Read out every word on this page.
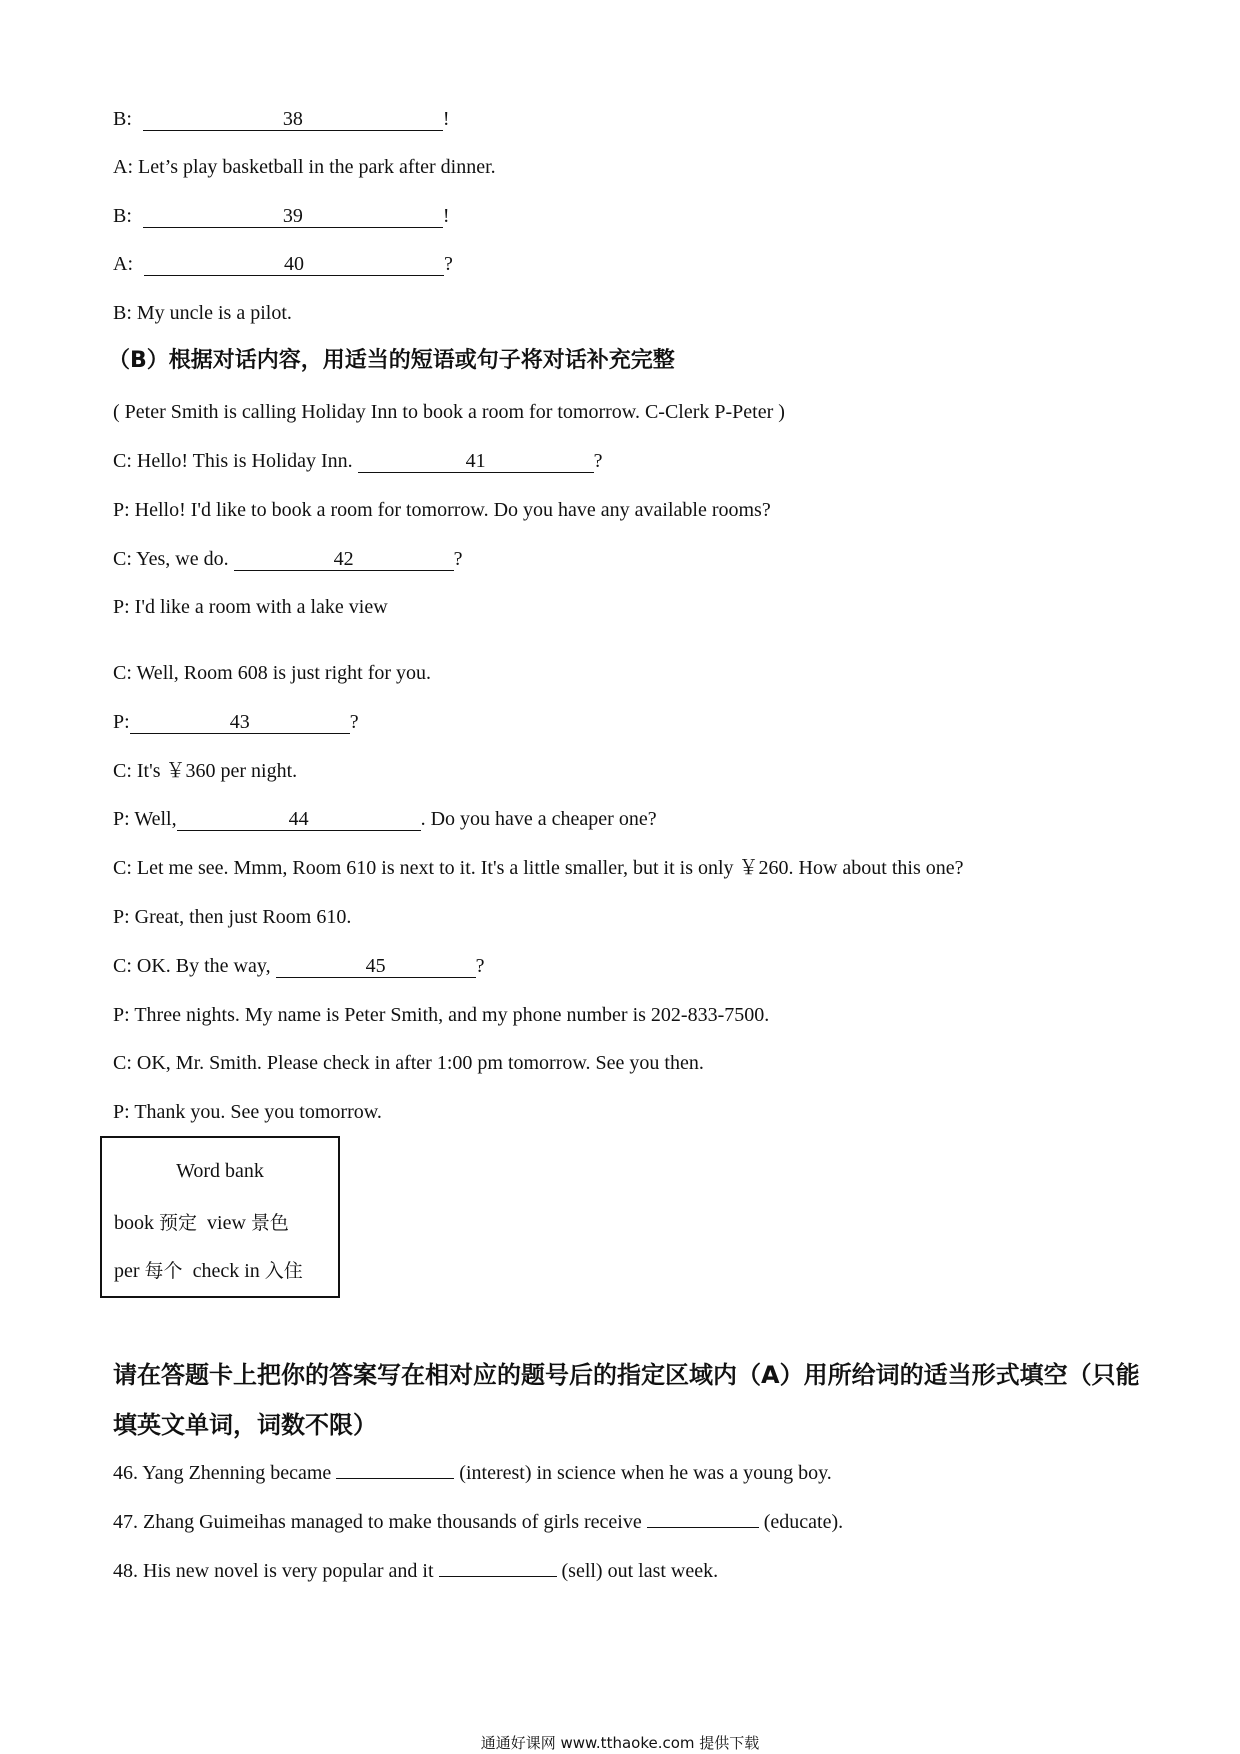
B:	38	!
A: Let’s play basketball in the park after dinner.
B:	39	!
A:	40	?
B: My uncle is a pilot.
（B）根据对话内容，用适当的短语或句子将对话补充完整
( Peter Smith is calling Holiday Inn to book a room for tomorrow. C-Clerk P-Peter )
C: Hello! This is Holiday Inn.	41	?
P: Hello! I'd like to book a room for tomorrow. Do you have any available rooms?
C: Yes, we do.	42	?
P: I'd like a room with a lake view
C: Well, Room 608 is just right for you.
P:	43	?
C: It's ￥360 per night.
P: Well,	44	. Do you have a cheaper one?
C: Let me see. Mmm, Room 610 is next to it. It's a little smaller, but it is only ￥260. How about this one?
P: Great, then just Room 610.
C: OK. By the way,	45	?
P: Three nights. My name is Peter Smith, and my phone number is 202-833-7500.
C: OK, Mr. Smith. Please check in after 1:00 pm tomorrow. See you then.
P: Thank you. See you tomorrow.
Word bank
book 预定 view 景色
per 每个 check in 入住
请在答题卡上把你的答案写在相对应的题号后的指定区域内（A）用所给词的适当形式填空（只能填英文单词，词数不限）
46. Yang Zhenning became	(interest) in science when he was a young boy.
47. Zhang Guimeihas managed to make thousands of girls receive	(educate).
48. His new novel is very popular and it	(sell) out last week.
通通好课网 www.tthaoke.com 提供下载
